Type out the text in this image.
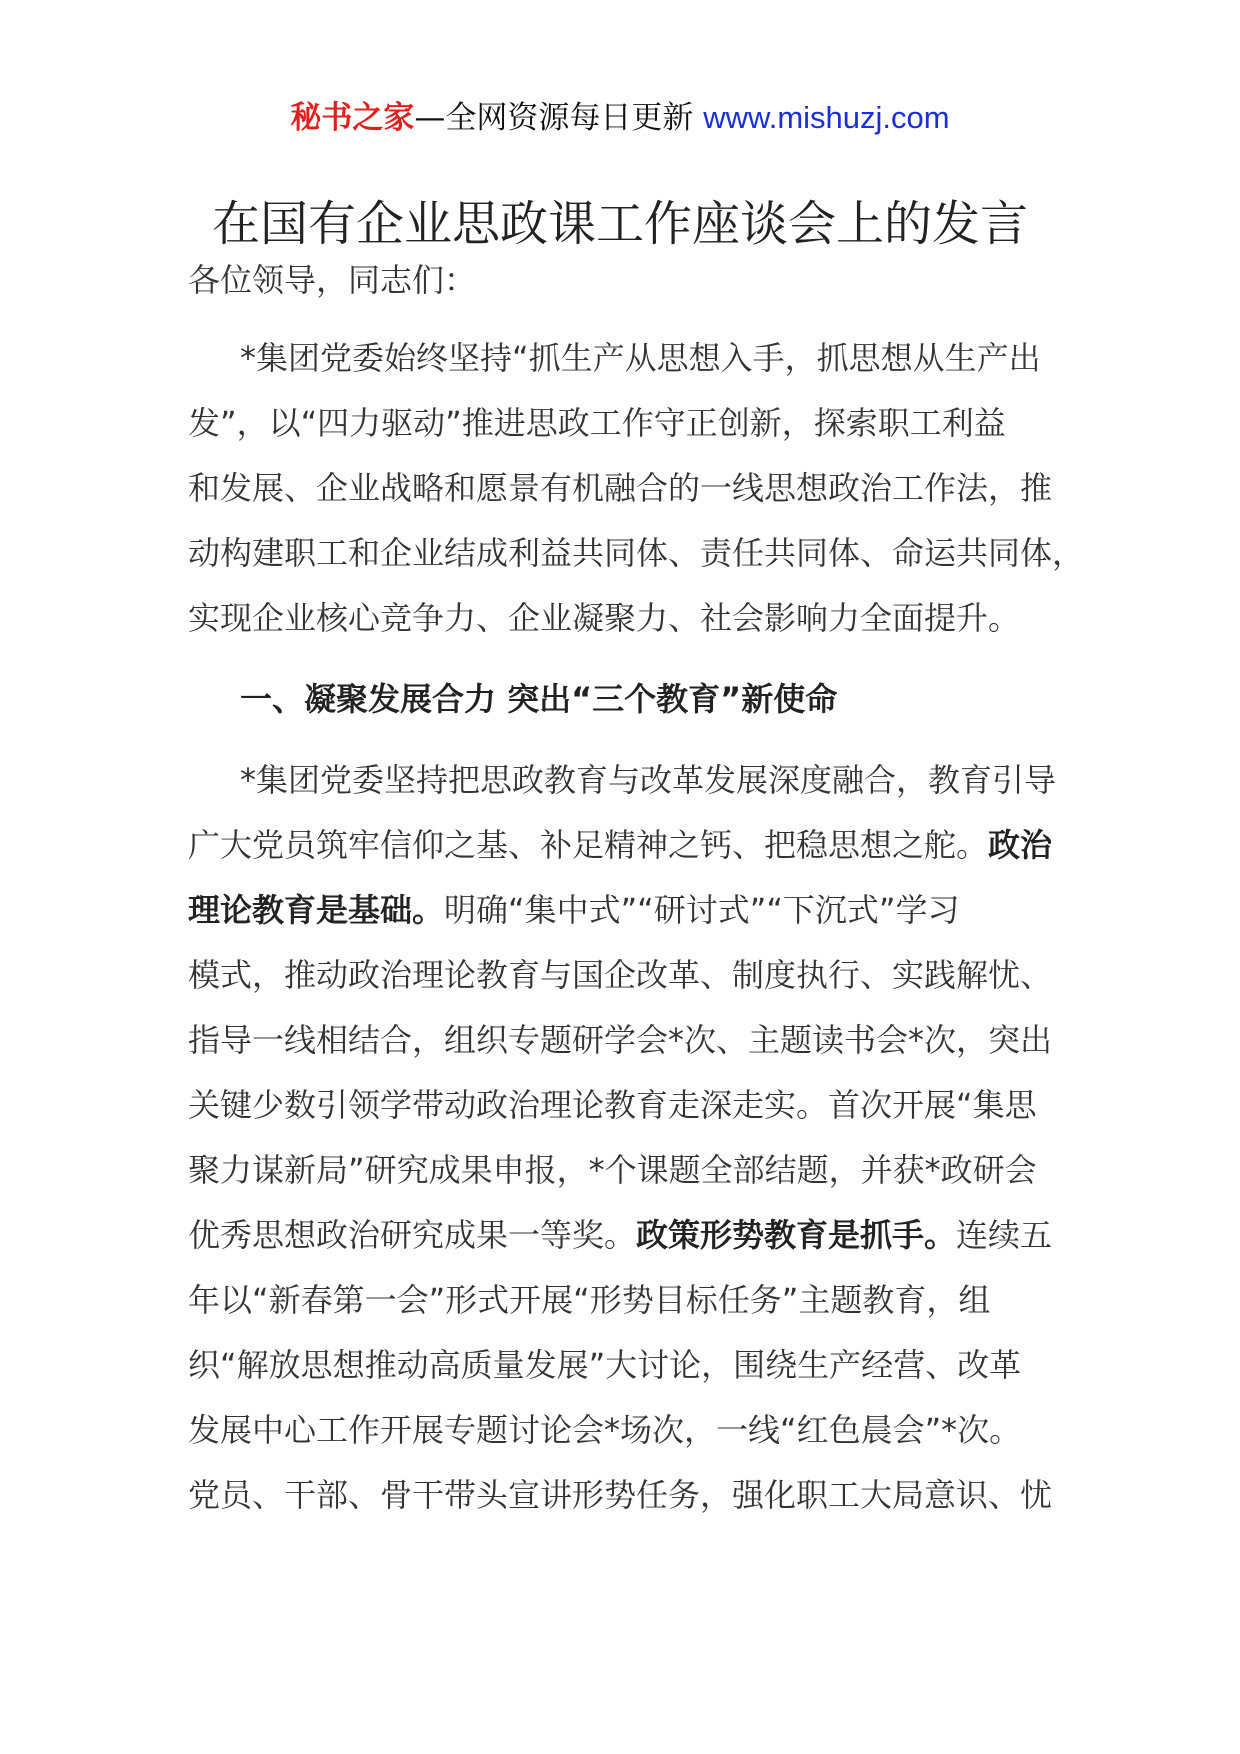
秘书之家—全网资源每日更新 www.mishuzj.com
在国有企业思政课工作座谈会上的发言
各位领导，同志们：
*集团党委始终坚持“抓生产从思想入手，抓思想从生产出
发”，以“四力驱动”推进思政工作守正创新，探索职工利益
和发展、企业战略和愿景有机融合的一线思想政治工作法，推
动构建职工和企业结成利益共同体、责任共同体、命运共同体，
实现企业核心竞争力、企业凝聚力、社会影响力全面提升。
一、凝聚发展合力 突出“三个教育”新使命
*集团党委坚持把思政教育与改革发展深度融合，教育引导
广大党员筑牢信仰之基、补足精神之钙、把稳思想之舵。政治
理论教育是基础。明确“集中式”“研讨式”“下沉式”学习
模式，推动政治理论教育与国企改革、制度执行、实践解忧、
指导一线相结合，组织专题研学会*次、主题读书会*次，突出
关键少数引领学带动政治理论教育走深走实。首次开展“集思
聚力谋新局”研究成果申报，*个课题全部结题，并获*政研会
优秀思想政治研究成果一等奖。政策形势教育是抓手。连续五
年以“新春第一会”形式开展“形势目标任务”主题教育，组
织“解放思想推动高质量发展”大讨论，围绕生产经营、改革
发展中心工作开展专题讨论会*场次，一线“红色晨会”*次。
党员、干部、骨干带头宣讲形势任务，强化职工大局意识、忧
